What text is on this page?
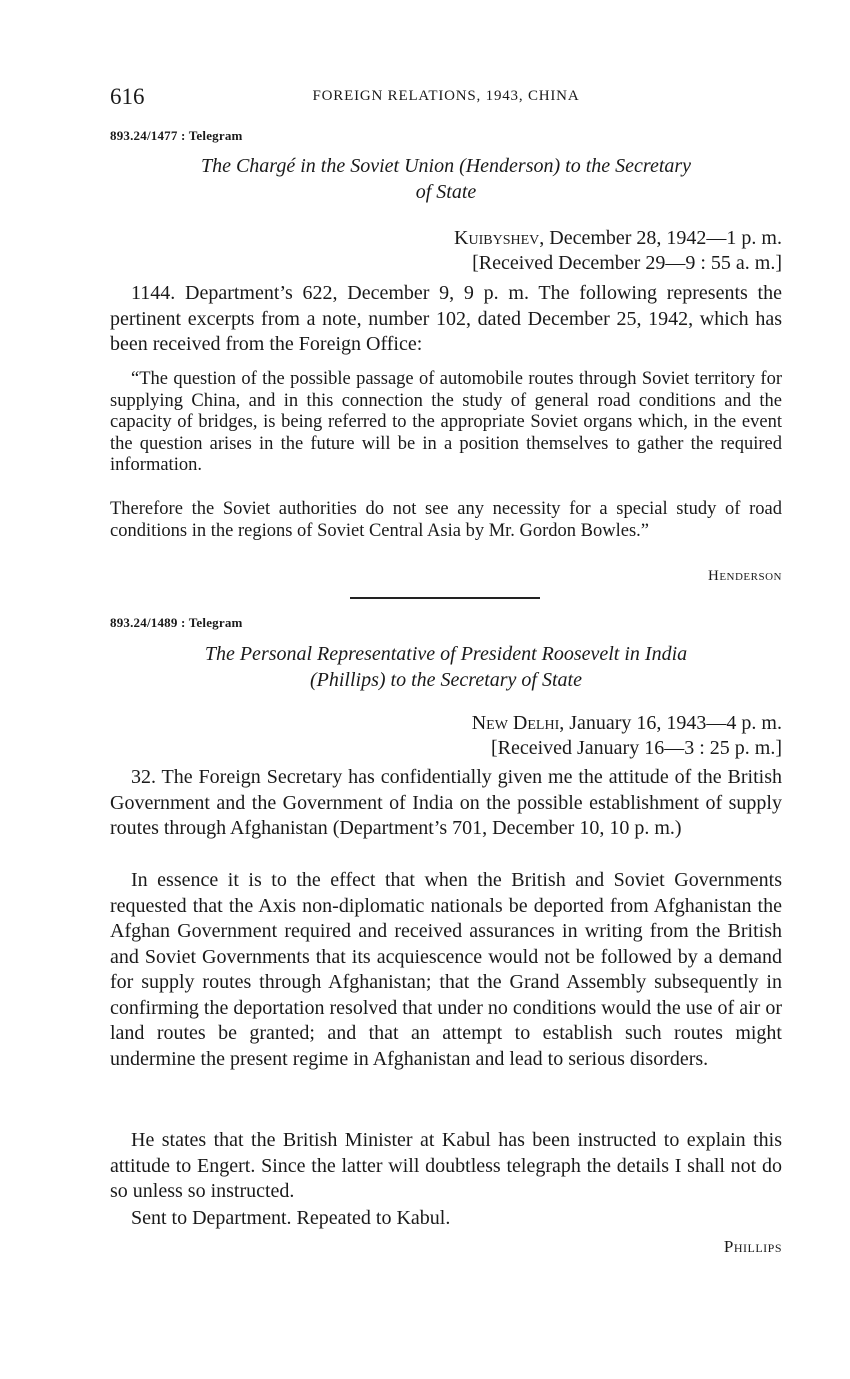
616	FOREIGN RELATIONS, 1943, CHINA
893.24/1477 : Telegram
The Chargé in the Soviet Union (Henderson) to the Secretary
of State
Kuibyshev, December 28, 1942—1 p. m.
[Received December 29—9 : 55 a. m.]

1144. Department’s 622, December 9, 9 p. m. The following represents the pertinent excerpts from a note, number 102, dated December 25, 1942, which has been received from the Foreign Office:

“The question of the possible passage of automobile routes through Soviet territory for supplying China, and in this connection the study of general road conditions and the capacity of bridges, is being referred to the appropriate Soviet organs which, in the event the question arises in the future will be in a position themselves to gather the required information.

Therefore the Soviet authorities do not see any necessity for a special study of road conditions in the regions of Soviet Central Asia by Mr. Gordon Bowles.”

Henderson
893.24/1489 : Telegram
The Personal Representative of President Roosevelt in India
(Phillips) to the Secretary of State
New Delhi, January 16, 1943—4 p. m.
[Received January 16—3 : 25 p. m.]

32. The Foreign Secretary has confidentially given me the attitude of the British Government and the Government of India on the possible establishment of supply routes through Afghanistan (Department’s 701, December 10, 10 p. m.)

In essence it is to the effect that when the British and Soviet Governments requested that the Axis non-diplomatic nationals be deported from Afghanistan the Afghan Government required and received assurances in writing from the British and Soviet Governments that its acquiescence would not be followed by a demand for supply routes through Afghanistan; that the Grand Assembly subsequently in confirming the deportation resolved that under no conditions would the use of air or land routes be granted; and that an attempt to establish such routes might undermine the present regime in Afghanistan and lead to serious disorders.

He states that the British Minister at Kabul has been instructed to explain this attitude to Engert. Since the latter will doubtless telegraph the details I shall not do so unless so instructed.

Sent to Department. Repeated to Kabul.

Phillips
